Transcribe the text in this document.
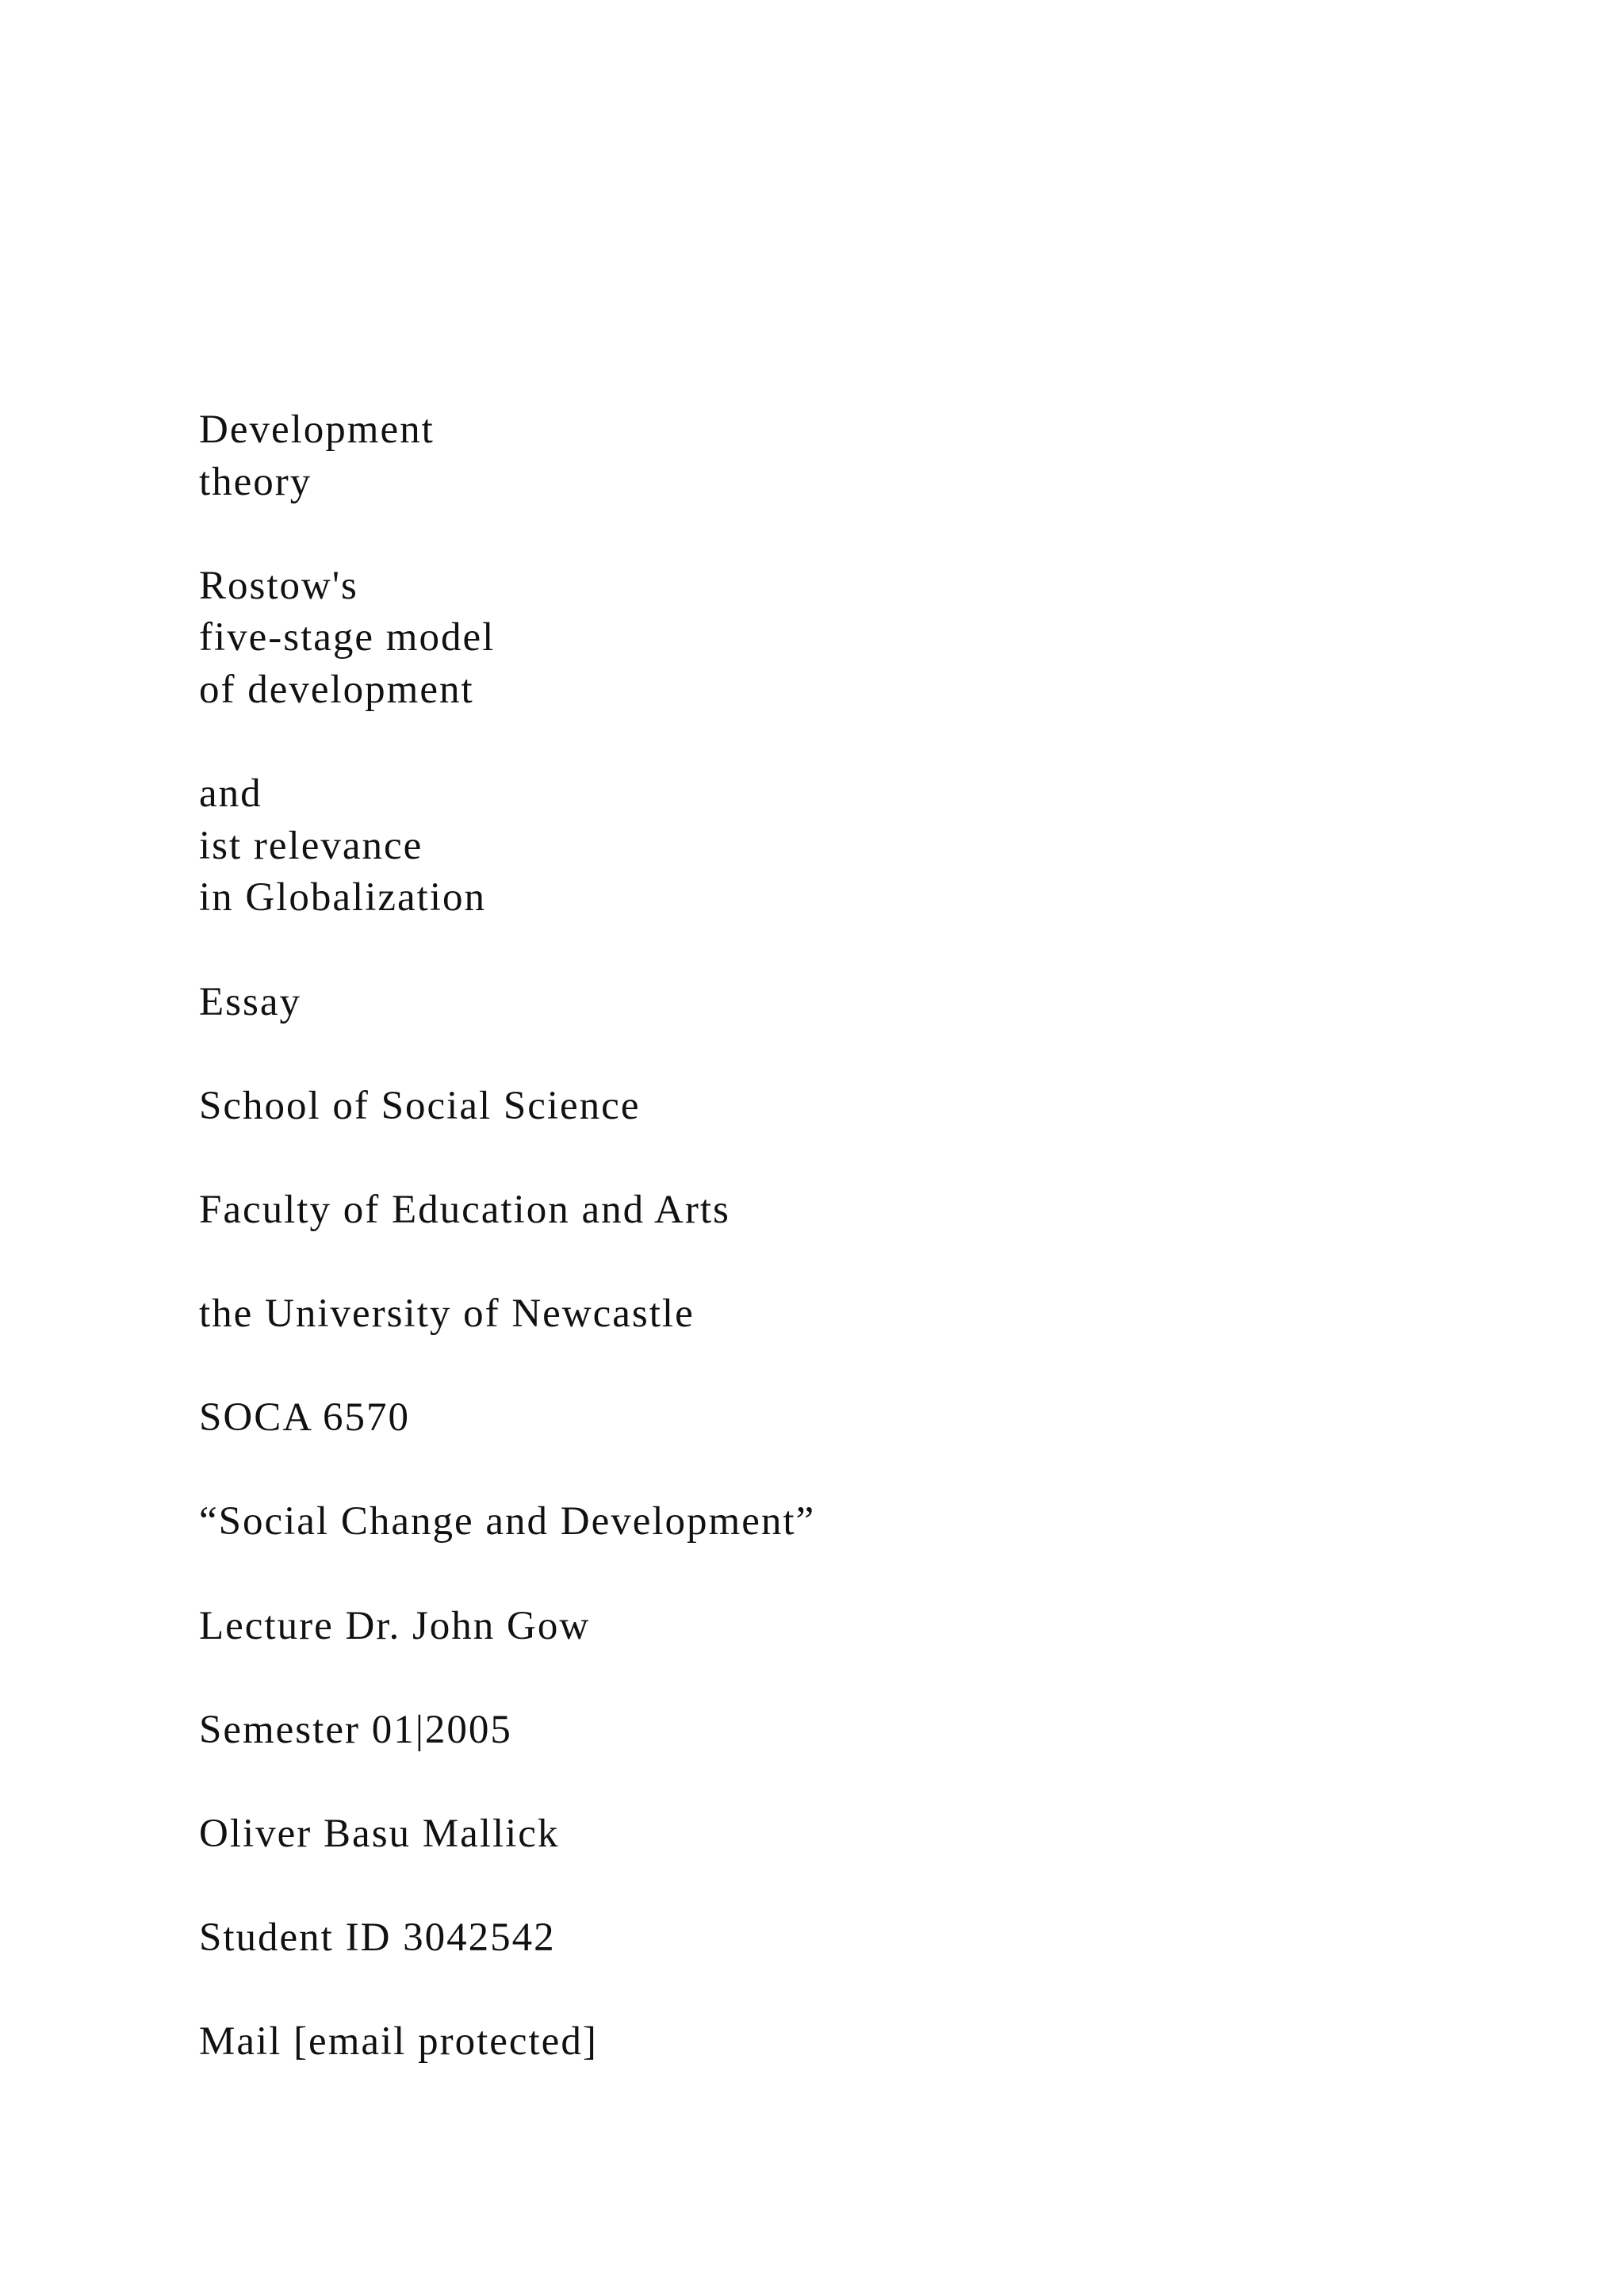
Development
theory
Rostow's
five-stage model
of development
and
ist relevance
in Globalization
Essay
School of Social Science
Faculty of Education and Arts
the University of Newcastle
SOCA 6570
“Social Change and Development”
Lecture Dr. John Gow
Semester 01|2005
Oliver Basu Mallick
Student ID 3042542
Mail [email protected]
